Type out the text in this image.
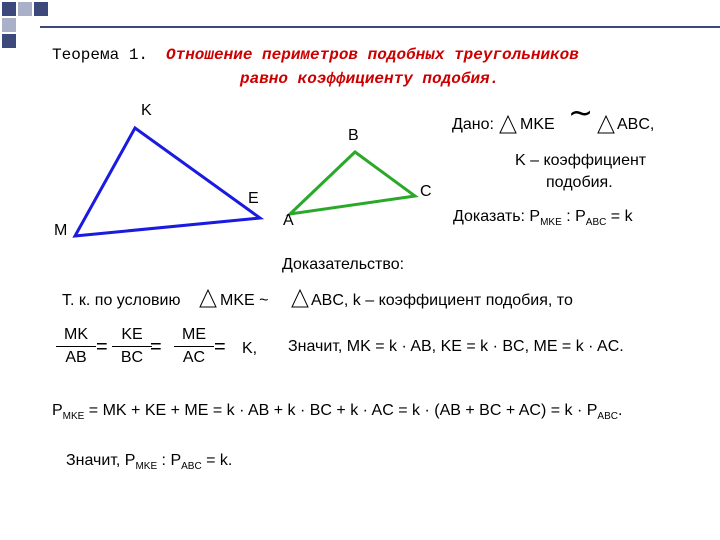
Теорема 1. Отношение периметров подобных треугольников
равно коэффициенту подобия.
K
M
E
B
A
C
Дано: MKE ~ ABC,
K – коэффициент
подобия.
Доказать: $P_{MKE}$ : $P_{ABC} = k$
Доказательство:
Т. к. по условию MKE ~	ABC, k – коэффициент подобия, то
MK
AB =
KE
BC =
ME
AC = K, Значит, MK = k · AB, KE = k · BC, ME = k · AC.
$P_{MKE}$ = MK + KE + ME = k · AB + k · BC + k · AC = k · (AB + BC + $AC) = k \cdot P_{ABC}$.
Значит, $P_{MKE}$ : $P_{ABC} = k$.
